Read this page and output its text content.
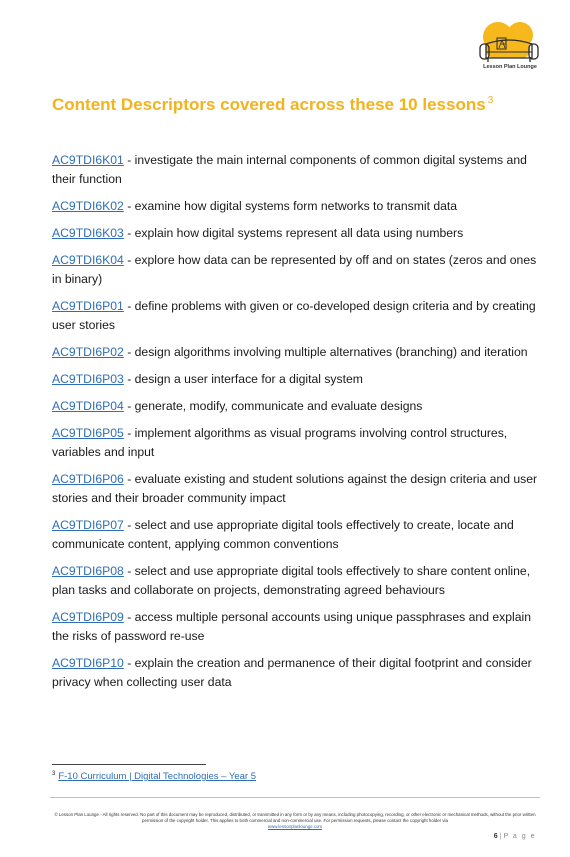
Lesson Plan Lounge
Content Descriptors covered across these 10 lessons $^3$
AC9TDI6K01 - investigate the main internal components of common digital systems and their function
AC9TDI6K02 - examine how digital systems form networks to transmit data
AC9TDI6K03 - explain how digital systems represent all data using numbers
AC9TDI6K04 - explore how data can be represented by off and on states (zeros and ones in binary)
AC9TDI6P01 - define problems with given or co-developed design criteria and by creating user stories
AC9TDI6P02 - design algorithms involving multiple alternatives (branching) and iteration
AC9TDI6P03 - design a user interface for a digital system
AC9TDI6P04 - generate, modify, communicate and evaluate designs
AC9TDI6P05 - implement algorithms as visual programs involving control structures, variables and input
AC9TDI6P06 - evaluate existing and student solutions against the design criteria and user stories and their broader community impact
AC9TDI6P07 - select and use appropriate digital tools effectively to create, locate and communicate content, applying common conventions
AC9TDI6P08 - select and use appropriate digital tools effectively to share content online, plan tasks and collaborate on projects, demonstrating agreed behaviours
AC9TDI6P09 - access multiple personal accounts using unique passphrases and explain the risks of password re-use
AC9TDI6P10 - explain the creation and permanence of their digital footprint and consider privacy when collecting user data
$^3$ F-10 Curriculum | Digital Technologies – Year 5
© Lesson Plan Lounge - All rights reserved. No part of this document may be reproduced, distributed, or transmitted in any form or by any means, including photocopying, recording, or other electronic or mechanical methods, without the prior written permission of the copyright holder. This applies to both commercial and non-commercial use. For permission requests, please contact the copyright holder via
www.lessonplanlounge.com
6 | P a g e
